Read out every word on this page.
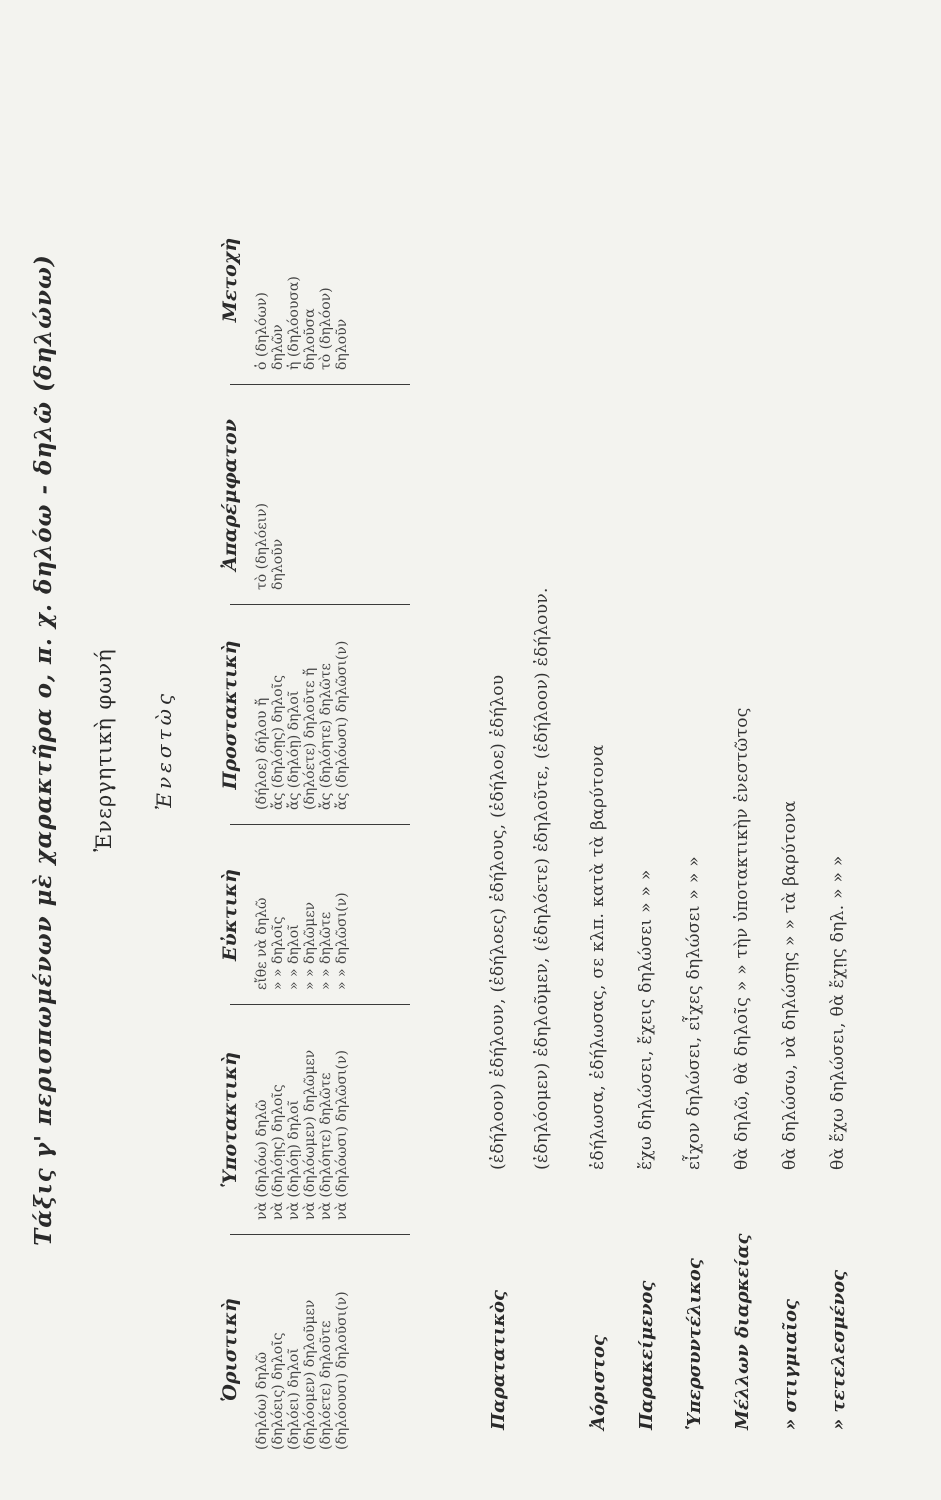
Τάξις γ' περισπωμένων μὲ χαρακτῆρα ο, π. χ. δηλόω - δηλῶ (δηλώνω) Ἐνεργητικὴ φωνή Ἐνεστὼς
Ὁριστικὴ (δηλόω) δηλῶ (δηλόεις) δηλοῖς (δηλόει) δηλοῖ (δηλόομεν) δηλοῦμεν (δηλόετε) δηλοῦτε (δηλόουσι) δηλοῦσι(ν)
Ὑποτακτικὴ νὰ (δηλόω) δηλῶ νὰ (δηλόῃς) δηλοῖς νὰ (δηλόῃ) δηλοῖ νὰ (δηλόωμεν) δηλῶμεν νὰ (δηλόητε) δηλῶτε νὰ (δηλόωσι) δηλῶσι(ν)
Εὐκτικὴ εἴθε νὰ δηλῶ » » δηλοῖς » » δηλοῖ » » δηλῶμεν » » δηλῶτε » » δηλῶσι(ν)
Προστακτικὴ (δήλοε) δήλου ἤ ἄς (δηλόῃς) δηλοῖς ἄς (δηλόῃ) δηλοῖ (δηλόετε) δηλοῦτε ἤ ἄς (δηλόητε) δηλῶτε ἄς (δηλόωσι) δηλῶσι(ν)
Ἀπαρέμφατον τὸ (δηλόειν) δηλοῦν
Μετοχὴ
ὁ (δηλόων) δηλῶν ἡ (δηλόουσα) δηλοῦσα τὸ (δηλόον) δηλοῦν
Παρατατικὸς
(ἐδήλοον) ἐδήλουν, (ἐδήλοες) ἐδήλους, (ἐδήλοε) ἐδήλου (ἐδηλόομεν) ἐδηλοῦμεν, (ἐδηλόετε) ἐδηλοῦτε, (ἐδήλοον) ἐδήλουν.
Ἀόριστος
ἐδήλωσα, ἐδήλωσας, σε κλπ. κατὰ τὰ βαρύτονα
Παρακείμενος
ἔχω δηλώσει, ἔχεις δηλώσει » » »
Ὑπερσυντέλικος
εἶχον δηλώσει, εἶχες δηλώσει » » »
Μέλλων διαρκείας
θὰ δηλῶ, θὰ δηλοῖς » » τὴν ὑποτακτικὴν ἐνεστῶτος
» στιγμιαῖος
θὰ δηλώσω, νὰ δηλώσῃς » » τὰ βαρύτονα
» τετελεσμένος
θὰ ἔχω δηλώσει, θὰ ἔχῃς δηλ. » » »
